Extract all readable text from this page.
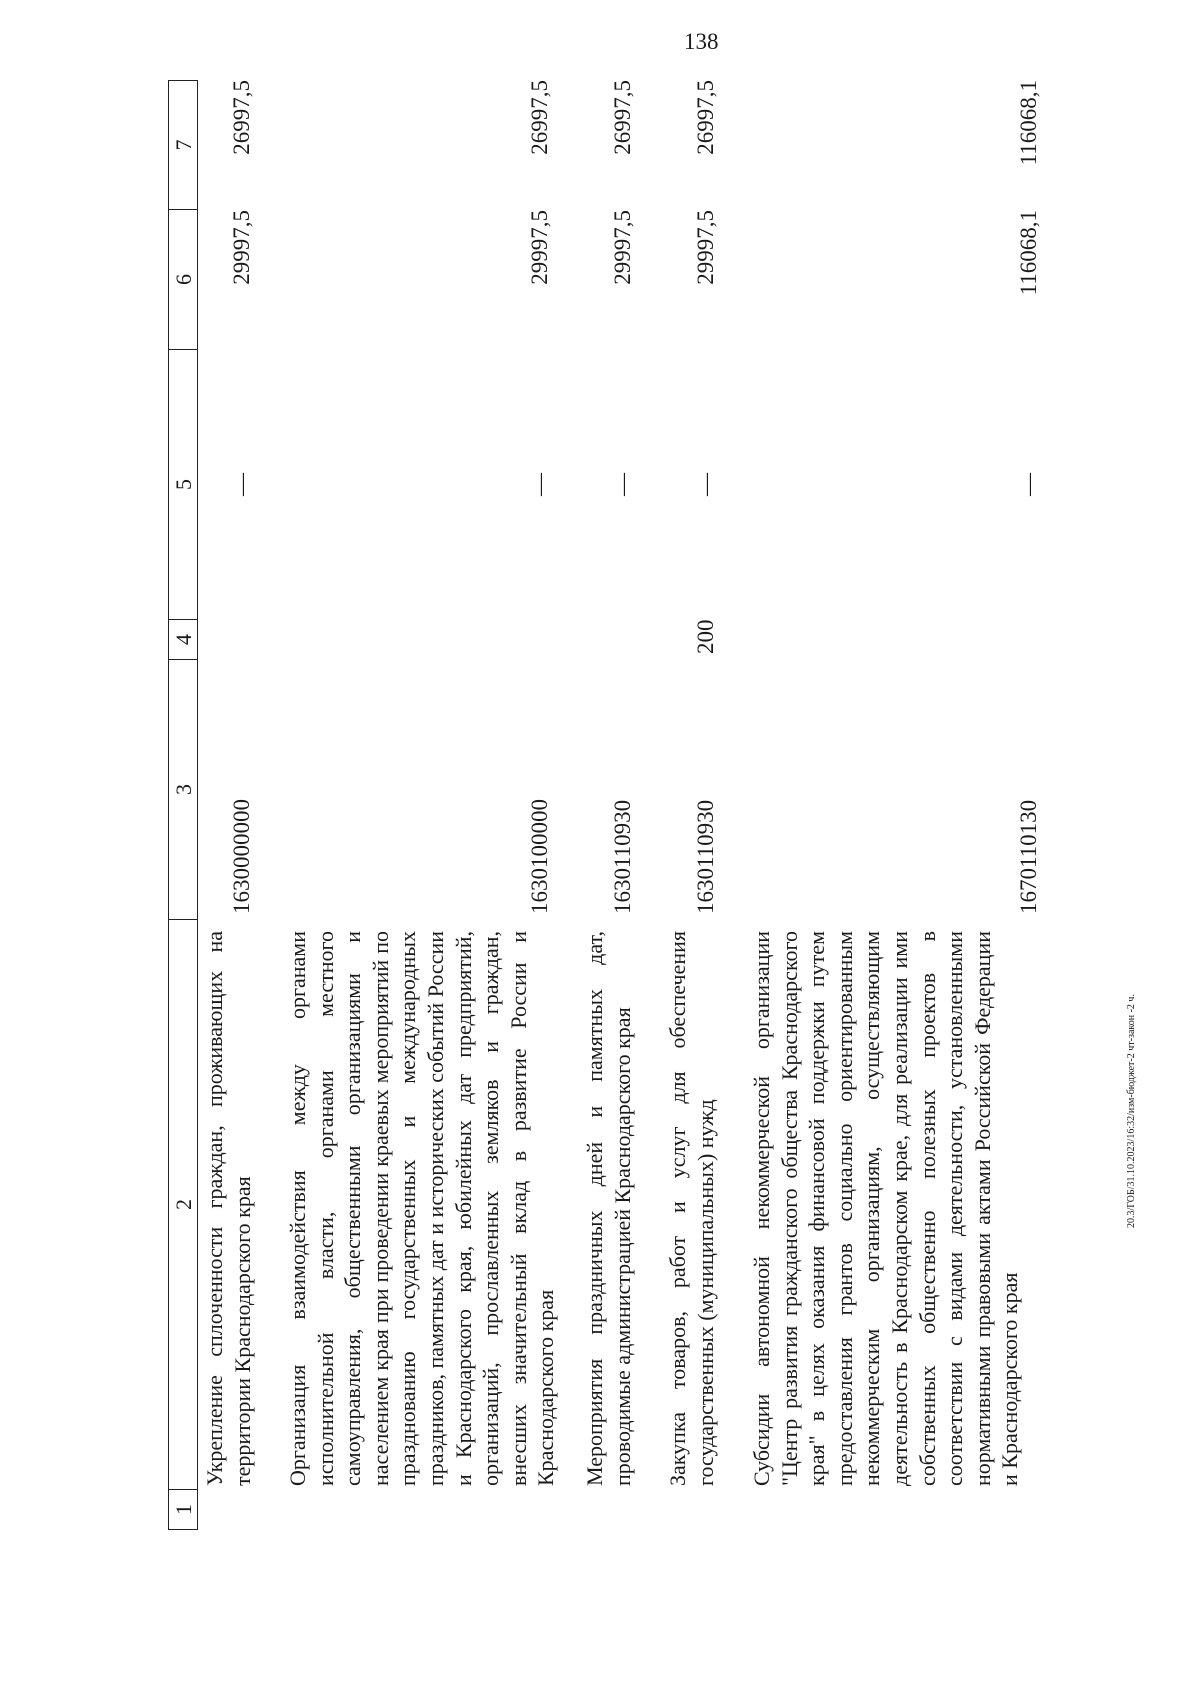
138
20.3/ГОБ/31.10.2023/16:32/изм-бюджет-2 чт-закон -2 ч.
1
2
3
4
5
6
7
Укрепление сплоченности граждан, проживающих на территории Краснодарского края
1630000000
—
29997,5
26997,5
Организация взаимодействия между органами исполнительной власти, органами местного самоуправления, общественными организациями и населением края при проведении краевых мероприятий по празднованию государственных и международных праздников, памятных дат и исторических событий России и Краснодарского края, юбилейных дат предприятий, организаций, прославленных земляков и граждан, внесших значительный вклад в развитие России и Краснодарского края
1630100000
—
29997,5
26997,5
Мероприятия праздничных дней и памятных дат, проводимые администрацией Краснодарского края
1630110930
—
29997,5
26997,5
Закупка товаров, работ и услуг для обеспечения государственных (муниципальных) нужд
1630110930
200
—
29997,5
26997,5
Субсидии автономной некоммерческой организации "Центр развития гражданского общества Краснодарского края" в целях оказания финансовой поддержки путем предоставления грантов социально ориентированным некоммерческим организациям, осуществляющим деятельность в Краснодарском крае, для реализации ими собственных общественно полезных проектов в соответствии с видами деятельности, установленными нормативными правовыми актами Российской Федерации и Краснодарского края
1670110130
—
116068,1
116068,1
